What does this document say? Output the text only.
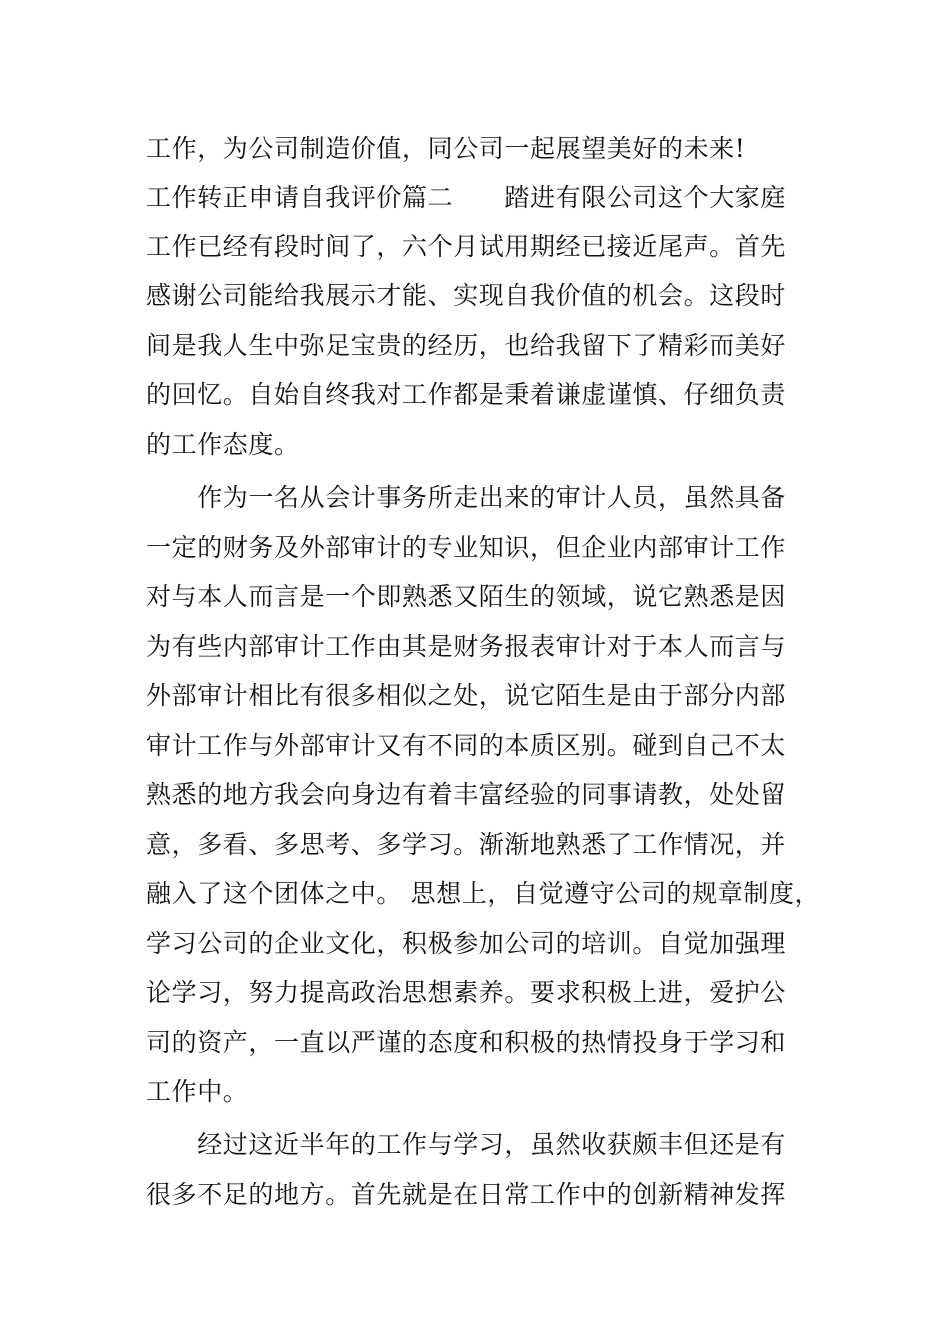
工作，为公司制造价值，同公司一起展望美好的未来!
工作转正申请自我评价篇二　　踏进有限公司这个大家庭
工作已经有段时间了，六个月试用期经已接近尾声。首先
感谢公司能给我展示才能、实现自我价值的机会。这段时
间是我人生中弥足宝贵的经历，也给我留下了精彩而美好
的回忆。自始自终我对工作都是秉着谦虚谨慎、仔细负责
的工作态度。
　　作为一名从会计事务所走出来的审计人员，虽然具备
一定的财务及外部审计的专业知识，但企业内部审计工作
对与本人而言是一个即熟悉又陌生的领域，说它熟悉是因
为有些内部审计工作由其是财务报表审计对于本人而言与
外部审计相比有很多相似之处，说它陌生是由于部分内部
审计工作与外部审计又有不同的本质区别。碰到自己不太
熟悉的地方我会向身边有着丰富经验的同事请教，处处留
意，多看、多思考、多学习。渐渐地熟悉了工作情况，并
融入了这个团体之中。 思想上，自觉遵守公司的规章制度，
学习公司的企业文化，积极参加公司的培训。自觉加强理
论学习，努力提高政治思想素养。要求积极上进，爱护公
司的资产，一直以严谨的态度和积极的热情投身于学习和
工作中。
　　经过这近半年的工作与学习，虽然收获颇丰但还是有
很多不足的地方。首先就是在日常工作中的创新精神发挥
